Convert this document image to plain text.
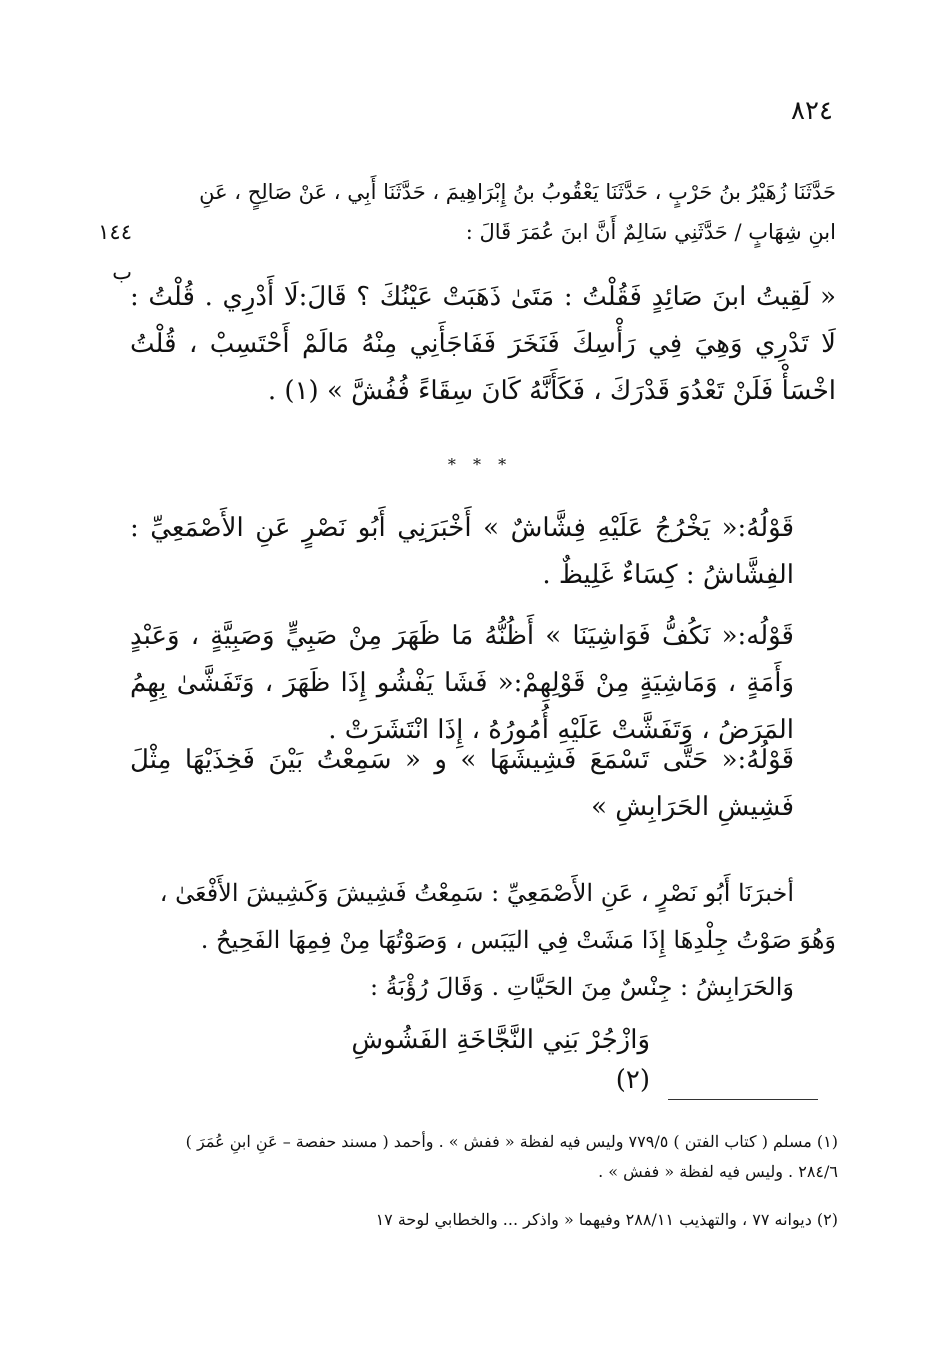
٨٢٤

حَدَّثَنَا زُهَيْرُ بنُ حَرْبٍ ، حَدَّثَنَا يَعْقُوبُ بنُ إِبْرَاهِيمَ ، حَدَّثَنَا أَبِي ، عَنْ صَالِحٍ ، عَنِ

١٤٤ ب
ابنِ شِهَابٍ / حَدَّثَنِي سَالِمٌ أَنَّ ابنَ عُمَرَ قَالَ :

« لَقِيتُ ابنَ صَائِدٍ فَقُلْتُ : مَتَىٰ ذَهَبَتْ عَيْنُكَ ؟ قَالَ:لَا أَدْرِي . قُلْتُ : لَا تَدْرِي وَهِيَ فِي رَأْسِكَ فَنَخَرَ فَفَاجَأَنِي مِنْهُ مَالَمْ أَحْتَسِبْ ، قُلْتُ اخْسَأْ فَلَنْ تَعْدُوَ قَدْرَكَ ، فَكَأَنَّهُ كَانَ سِقَاءً فُفُشَّ » (١) .

* * *

قَوْلُهُ:« يَخْرُجُ عَلَيْهِ فِشَّاشٌ » أَخْبَرَنِي أَبُو نَصْرٍ عَنِ الأَصْمَعِيِّ : الفِشَّاشُ : كِسَاءٌ غَلِيظٌ .

قَوْلُه:« نَكُفُّ فَوَاشِيَنَا » أَظُنُّهُ مَا ظَهَرَ مِنْ صَبِيٍّ وَصَبِيَّةٍ ، وَعَبْدٍ وَأَمَةٍ ، وَمَاشِيَةٍ مِنْ قَوْلِهِمْ:« فَشَا يَفْشُو إِذَا ظَهَرَ ، وَتَفَشَّىٰ بِهِمُ المَرَضُ ، وَتَفَشَّتْ عَلَيْهِ أُمُورُهُ ، إِذَا انْتَشَرَتْ .

قَوْلُهُ:« حَتَّى تَسْمَعَ فَشِيشَهَا » و « سَمِعْتُ بَيْنَ فَخِذَيْهَا مِثْلَ فَشِيشِ الحَرَابِشِ »

أخبرَنَا أَبُو نَصْرٍ ، عَنِ الأَصْمَعِيِّ : سَمِعْتُ فَشِيشَ وَكَشِيشَ الأَفْعَىٰ ،

وَهُوَ صَوْتُ جِلْدِهَا إِذَا مَشَتْ فِي اليَبَس ، وَصَوْتُهَا مِنْ فِمِهَا الفَحِيحُ .

وَالحَرَابِشُ : جِنْسٌ مِنَ الحَيَّاتِ . وَقَالَ رُؤْبَةُ :

وَازْجُرْ بَنِي النَّجَّاخَةِ الفَشُوشِ (٢)
(١) مسلم ( كتاب الفتن ) ٧٧٩/٥ وليس فيه لفظة « ففش » . وأحمد ( مسند حفصة – عَنِ ابنِ عُمَرَ ) ٢٨٤/٦ . وليس فيه لفظة « ففش » .
(٢) ديوانه ٧٧ ، والتهذيب ٢٨٨/١١ وفيهما « واذكر ... والخطابي لوحة ١٧
